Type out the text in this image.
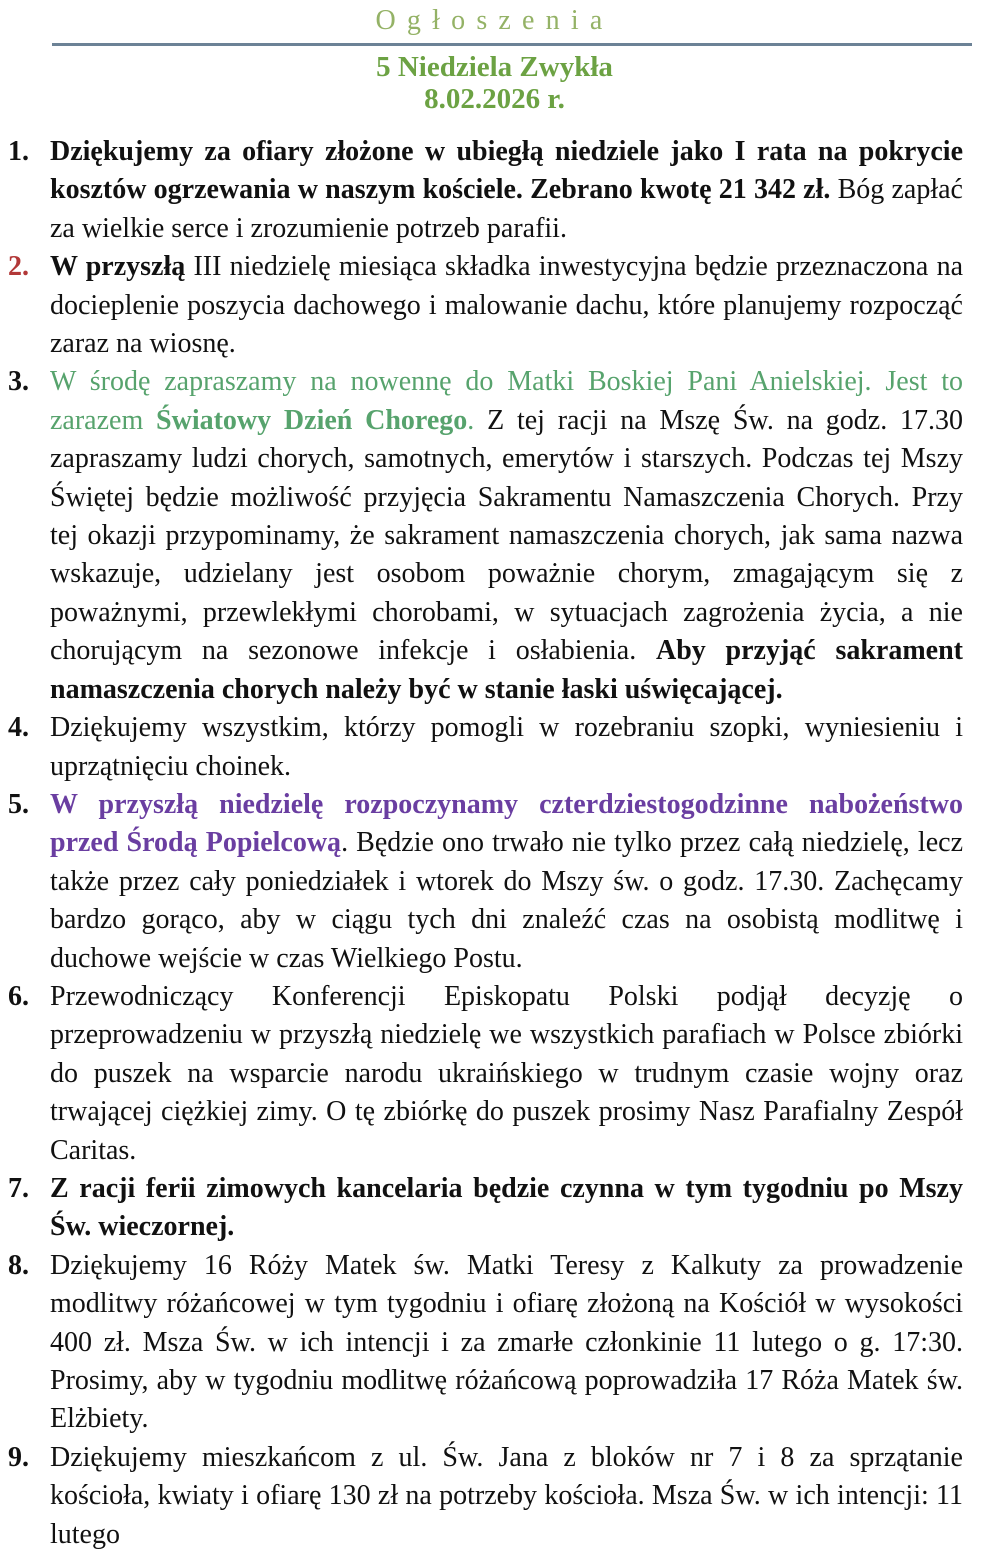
Ogłoszenia
5 Niedziela Zwykła
8.02.2026 r.
1. Dziękujemy za ofiary złożone w ubiegłą niedziele jako I rata na pokrycie kosztów ogrzewania w naszym kościele. Zebrano kwotę 21 342 zł. Bóg zapłać za wielkie serce i zrozumienie potrzeb parafii.
2. W przyszłą III niedzielę miesiąca składka inwestycyjna będzie przeznaczona na docieplenie poszycia dachowego i malowanie dachu, które planujemy rozpocząć zaraz na wiosnę.
3. W środę zapraszamy na nowennę do Matki Boskiej Pani Anielskiej. Jest to zarazem Światowy Dzień Chorego. Z tej racji na Mszę Św. na godz. 17.30 zapraszamy ludzi chorych, samotnych, emerytów i starszych. Podczas tej Mszy Świętej będzie możliwość przyjęcia Sakramentu Namaszczenia Chorych. Przy tej okazji przypominamy, że sakrament namaszczenia chorych, jak sama nazwa wskazuje, udzielany jest osobom poważnie chorym, zmagającym się z poważnymi, przewlekłymi chorobami, w sytuacjach zagrożenia życia, a nie chorującym na sezonowe infekcje i osłabienia. Aby przyjąć sakrament namaszczenia chorych należy być w stanie łaski uświęcającej.
4. Dziękujemy wszystkim, którzy pomogli w rozebraniu szopki, wyniesieniu i uprzątnięciu choinek.
5. W przyszłą niedzielę rozpoczynamy czterdziestogodzinne nabożeństwo przed Środą Popielcową. Będzie ono trwało nie tylko przez całą niedzielę, lecz także przez cały poniedziałek i wtorek do Mszy św. o godz. 17.30. Zachęcamy bardzo gorąco, aby w ciągu tych dni znaleźć czas na osobistą modlitwę i duchowe wejście w czas Wielkiego Postu.
6. Przewodniczący Konferencji Episkopatu Polski podjął decyzję o przeprowadzeniu w przyszłą niedzielę we wszystkich parafiach w Polsce zbiórki do puszek na wsparcie narodu ukraińskiego w trudnym czasie wojny oraz trwającej ciężkiej zimy. O tę zbiórkę do puszek prosimy Nasz Parafialny Zespół Caritas.
7. Z racji ferii zimowych kancelaria będzie czynna w tym tygodniu po Mszy Św. wieczornej.
8. Dziękujemy 16 Róży Matek św. Matki Teresy z Kalkuty za prowadzenie modlitwy różańcowej w tym tygodniu i ofiarę złożoną na Kościół w wysokości 400 zł. Msza Św. w ich intencji i za zmarłe członkinie 11 lutego o g. 17:30. Prosimy, aby w tygodniu modlitwę różańcową poprowadziła 17 Róża Matek św. Elżbiety.
9. Dziękujemy mieszkańcom z ul. Św. Jana z bloków nr 7 i 8 za sprzątanie kościoła, kwiaty i ofiarę 130 zł na potrzeby kościoła. Msza Św. w ich intencji: 11 lutego
